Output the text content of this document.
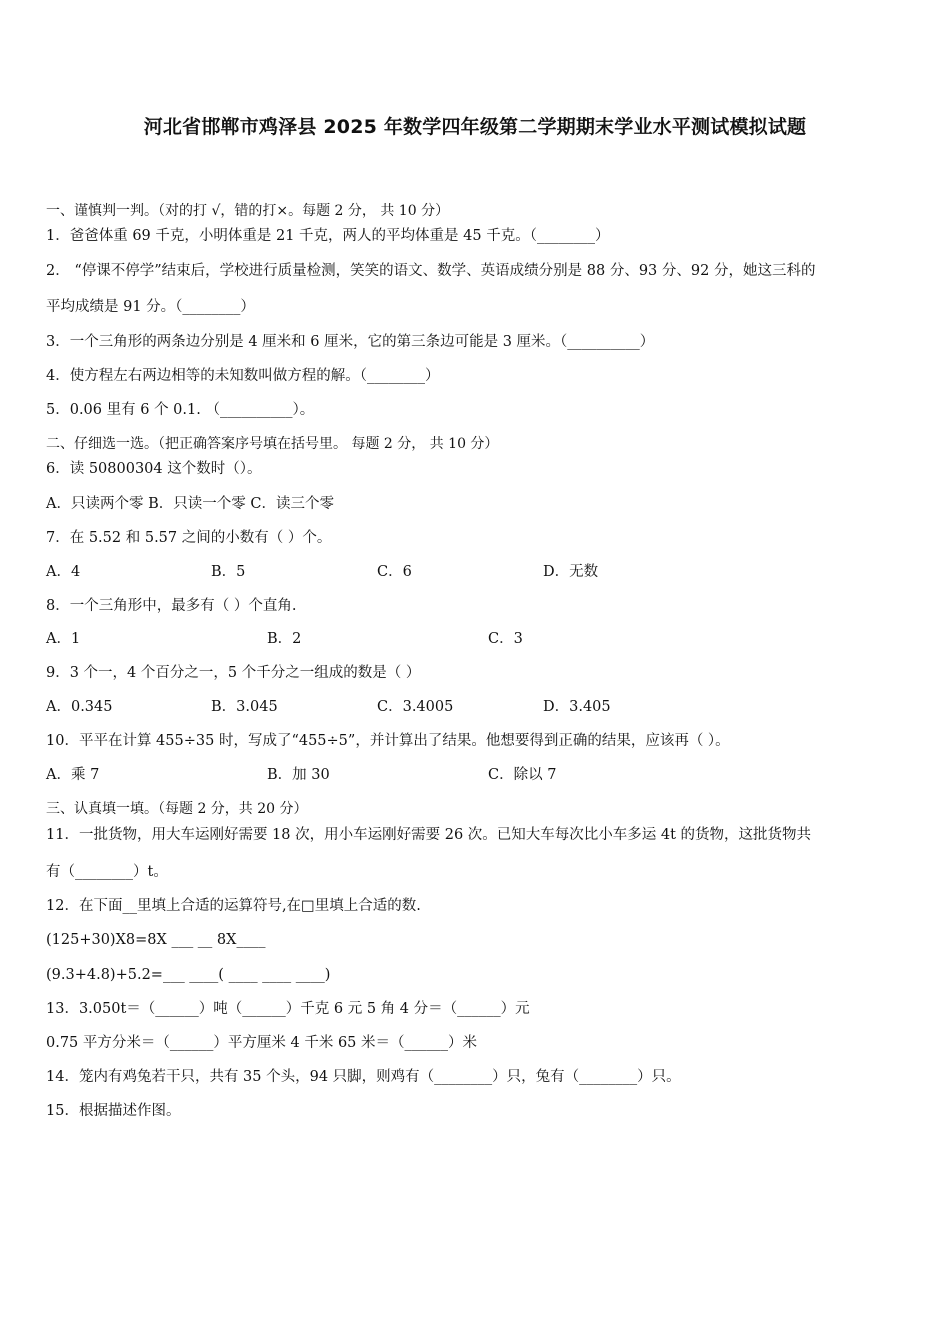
河北省邯郸市鸡泽县 2025 年数学四年级第二学期期末学业水平测试模拟试题
一、谨慎判一判。（对的打 √，错的打×。每题 2 分， 共 10 分）
1．爸爸体重 69 千克，小明体重是 21 千克，两人的平均体重是 45 千克。（________）
2． “停课不停学”结束后，学校进行质量检测，笑笑的语文、数学、英语成绩分别是 88 分、93 分、92 分，她这三科的
平均成绩是 91 分。（________）
3．一个三角形的两条边分别是 4 厘米和 6 厘米，它的第三条边可能是 3 厘米。（__________）
4．使方程左右两边相等的未知数叫做方程的解。（________）
5．0.06 里有 6 个 0.1. （__________）。
二、仔细选一选。（把正确答案序号填在括号里。 每题 2 分， 共 10 分）
6．读 50800304 这个数时（）。
A．只读两个零 B．只读一个零 C．读三个零
7．在 5.52 和 5.57 之间的小数有（ ）个。
A．4	B．5	C．6	D．无数
8．一个三角形中，最多有（ ）个直角.
A．1	B．2	C．3
9．3 个一，4 个百分之一，5 个千分之一组成的数是（ ）
A．0.345	B．3.045	C．3.4005	D．3.405
10．平平在计算 455÷35 时，写成了“455÷5”，并计算出了结果。他想要得到正确的结果，应该再（ ）。
A．乘 7	B．加 30	C．除以 7
三、认真填一填。（每题 2 分，共 20 分）
11．一批货物，用大车运刚好需要 18 次，用小车运刚好需要 26 次。已知大车每次比小车多运 4t 的货物，这批货物共
有（________）t。
12．在下面__里填上合适的运算符号,在□里填上合适的数.
(125+30)X8=8X ___ __ 8X____
(9.3+4.8)+5.2=___ ____( ____ ____ ____)
13．3.050t＝（______）吨（______）千克 6 元 5 角 4 分＝（______）元
0.75 平方分米＝（______）平方厘米 4 千米 65 米＝（______）米
14．笼内有鸡兔若干只，共有 35 个头，94 只脚，则鸡有（________）只，兔有（________）只。
15．根据描述作图。
